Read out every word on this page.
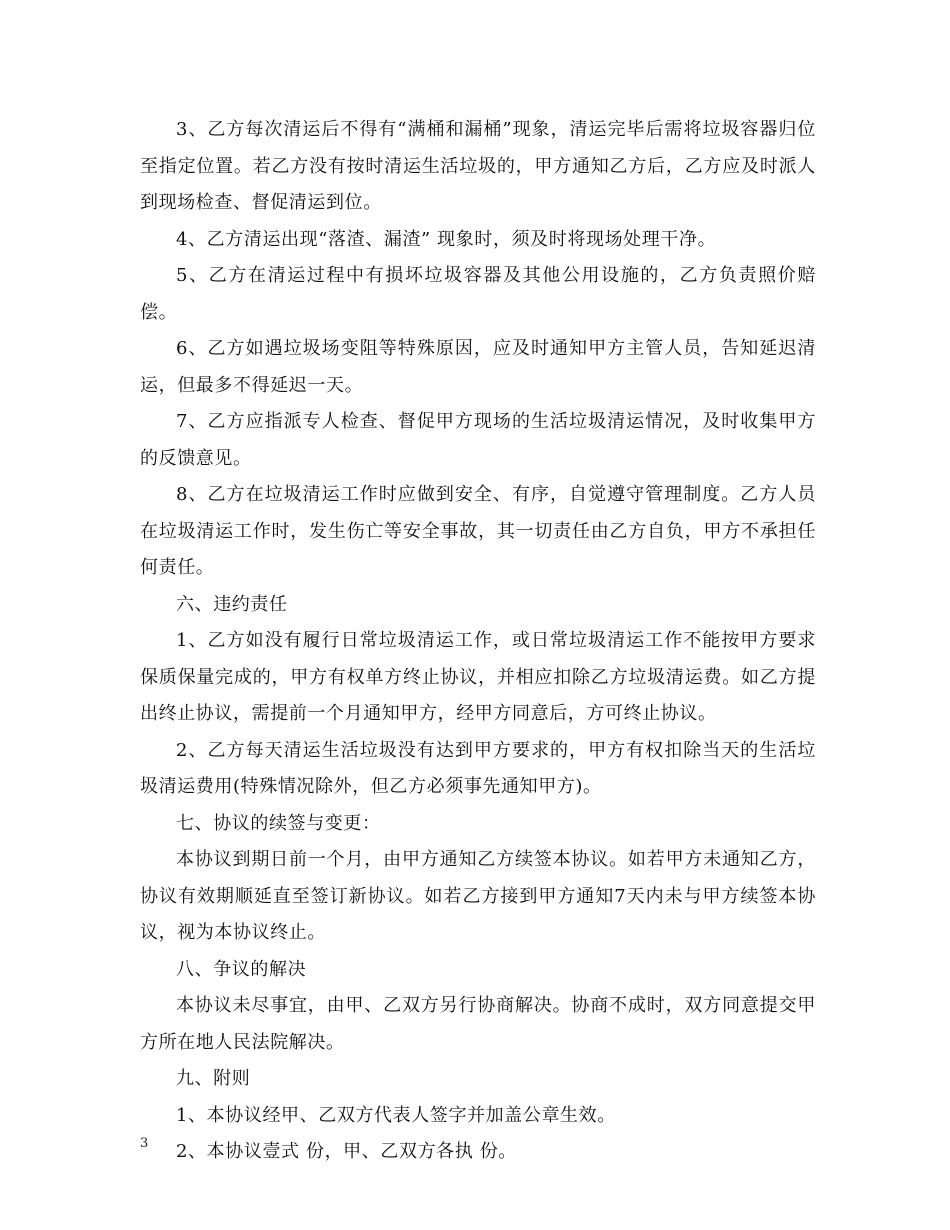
3、乙方每次清运后不得有“满桶和漏桶”现象，清运完毕后需将垃圾容器归位至指定位置。若乙方没有按时清运生活垃圾的，甲方通知乙方后，乙方应及时派人到现场检查、督促清运到位。

4、乙方清运出现“落渣、漏渣” 现象时，须及时将现场处理干净。

5、乙方在清运过程中有损坏垃圾容器及其他公用设施的，乙方负责照价赔偿。

6、乙方如遇垃圾场变阻等特殊原因，应及时通知甲方主管人员，告知延迟清运，但最多不得延迟一天。

7、乙方应指派专人检查、督促甲方现场的生活垃圾清运情况，及时收集甲方的反馈意见。

8、乙方在垃圾清运工作时应做到安全、有序，自觉遵守管理制度。乙方人员在垃圾清运工作时，发生伤亡等安全事故，其一切责任由乙方自负，甲方不承担任何责任。

六、违约责任

1、乙方如没有履行日常垃圾清运工作，或日常垃圾清运工作不能按甲方要求保质保量完成的，甲方有权单方终止协议，并相应扣除乙方垃圾清运费。如乙方提出终止协议，需提前一个月通知甲方，经甲方同意后，方可终止协议。

2、乙方每天清运生活垃圾没有达到甲方要求的，甲方有权扣除当天的生活垃圾清运费用(特殊情况除外，但乙方必须事先通知甲方)。

七、协议的续签与变更：

本协议到期日前一个月，由甲方通知乙方续签本协议。如若甲方未通知乙方，协议有效期顺延直至签订新协议。如若乙方接到甲方通知7天内未与甲方续签本协议，视为本协议终止。

八、争议的解决

本协议未尽事宜，由甲、乙双方另行协商解决。协商不成时，双方同意提交甲方所在地人民法院解决。

九、附则

1、本协议经甲、乙双方代表人签字并加盖公章生效。

2、本协议壹式 份，甲、乙双方各执 份。

3
